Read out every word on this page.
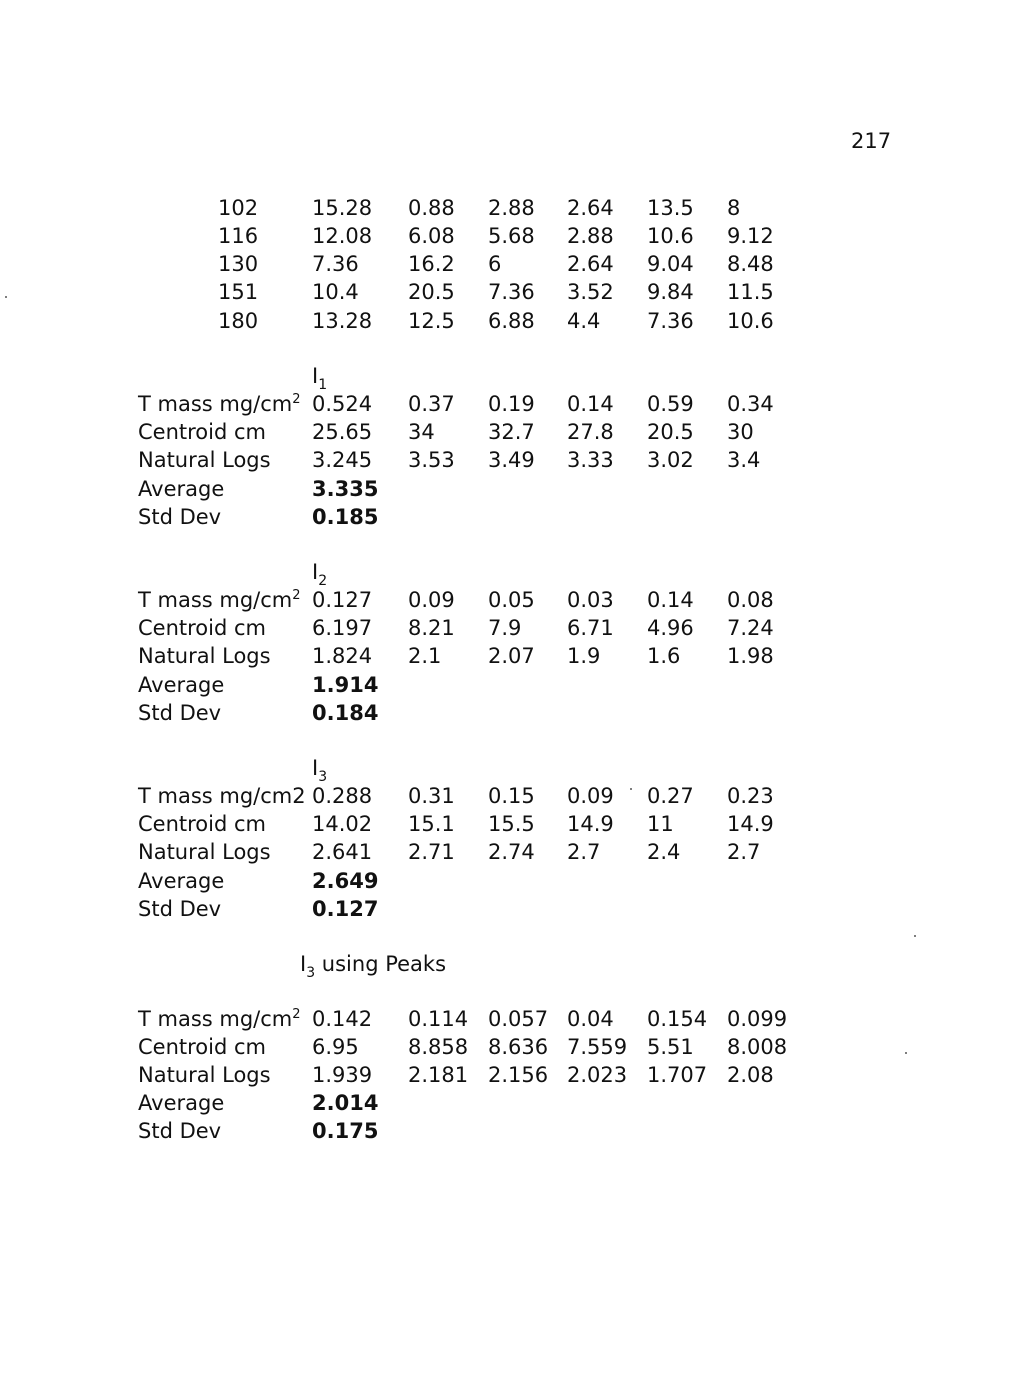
217
102	15.28 0.88 2.88 2.64 13.5 8
116	12.08 6.08 5.68 2.88 10.6 9.12
130	7.36 16.2 6	2.64 9.04 8.48
151	10.4 20.5 7.36 3.52 9.84 11.5
180	13.28 12.5 6.88 4.4 7.36 10.6
$I_1$
T mass $mg/cm^2$ 0.524 0.37 0.19 0.14 0.59 0.34
Centroid cm 25.65 34	32.7 27.8 20.5 30
Natural Logs 3.245 3.53 3.49 3.33 3.02 3.4
Average	3.335
Std Dev	0.185
$I_2$
T mass $mg/cm^2$ 0.127 0.09 0.05 0.03 0.14 0.08
Centroid cm 6.197 8.21 7.9 6.71 4.96 7.24
Natural Logs 1.824 2.1 2.07 1.9 1.6 1.98
Average	1.914
Std Dev	0.184
$I_3$
T mass mg/cm2 0.288 0.31 0.15 0.09 0.27 0.23
Centroid cm 14.02 15.1 15.5 14.9 11	14.9
Natural Logs 2.641 2.71 2.74 2.7 2.4 2.7
Average	2.649
Std Dev	0.127
$I_3$ using Peaks
T mass $mg/cm^2$ 0.142 0.114 0.057 0.04 0.154 0.099
Centroid cm 6.95 8.858 8.636 7.559 5.51 8.008
Natural Logs 1.939 2.181 2.156 2.023 1.707 2.08
Average	2.014
Std Dev	0.175
